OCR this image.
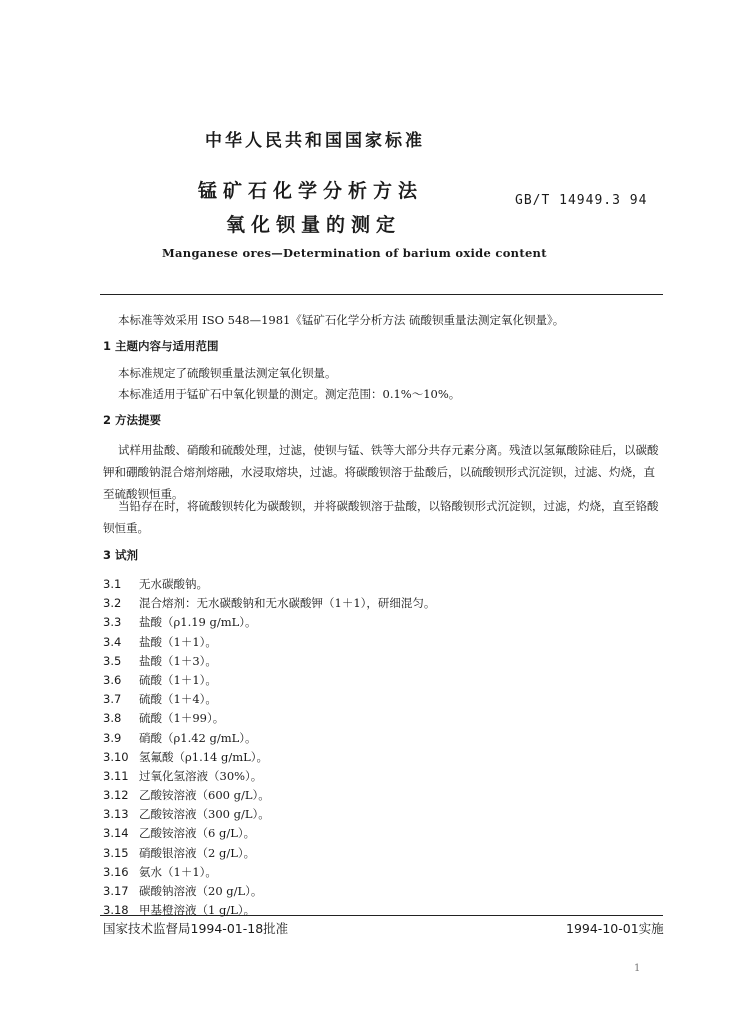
中华人民共和国国家标准
锰矿石化学分析方法
氧化钡量的测定
GB/T 14949.3 94
Manganese ores—Determination of barium oxide content
本标准等效采用 ISO 548—1981《锰矿石化学分析方法 硫酸钡重量法测定氧化钡量》。
1 主题内容与适用范围
本标准规定了硫酸钡重量法测定氧化钡量。
本标准适用于锰矿石中氧化钡量的测定。测定范围：0.1%～10%。
2 方法提要
试样用盐酸、硝酸和硫酸处理，过滤，使钡与锰、铁等大部分共存元素分离。残渣以氢氟酸除硅后，以碳酸钾和硼酸钠混合熔剂熔融，水浸取熔块，过滤。将碳酸钡溶于盐酸后，以硫酸钡形式沉淀钡，过滤、灼烧，直至硫酸钡恒重。
当铅存在时，将硫酸钡转化为碳酸钡，并将碳酸钡溶于盐酸，以铬酸钡形式沉淀钡，过滤，灼烧，直至铬酸钡恒重。
3 试剂
3.1 无水碳酸钠。
3.2 混合熔剂：无水碳酸钠和无水碳酸钾（1＋1），研细混匀。
3.3 盐酸（ρ1.19 g/mL）。
3.4 盐酸（1＋1）。
3.5 盐酸（1＋3）。
3.6 硫酸（1＋1）。
3.7 硫酸（1＋4）。
3.8 硫酸（1＋99）。
3.9 硝酸（ρ1.42 g/mL）。
3.10 氢氟酸（ρ1.14 g/mL）。
3.11 过氧化氢溶液（30%）。
3.12 乙酸铵溶液（600 g/L）。
3.13 乙酸铵溶液（300 g/L）。
3.14 乙酸铵溶液（6 g/L）。
3.15 硝酸银溶液（2 g/L）。
3.16 氨水（1＋1）。
3.17 碳酸钠溶液（20 g/L）。
3.18 甲基橙溶液（1 g/L）。
国家技术监督局1994-01-18批准	1994-10-01实施
1
